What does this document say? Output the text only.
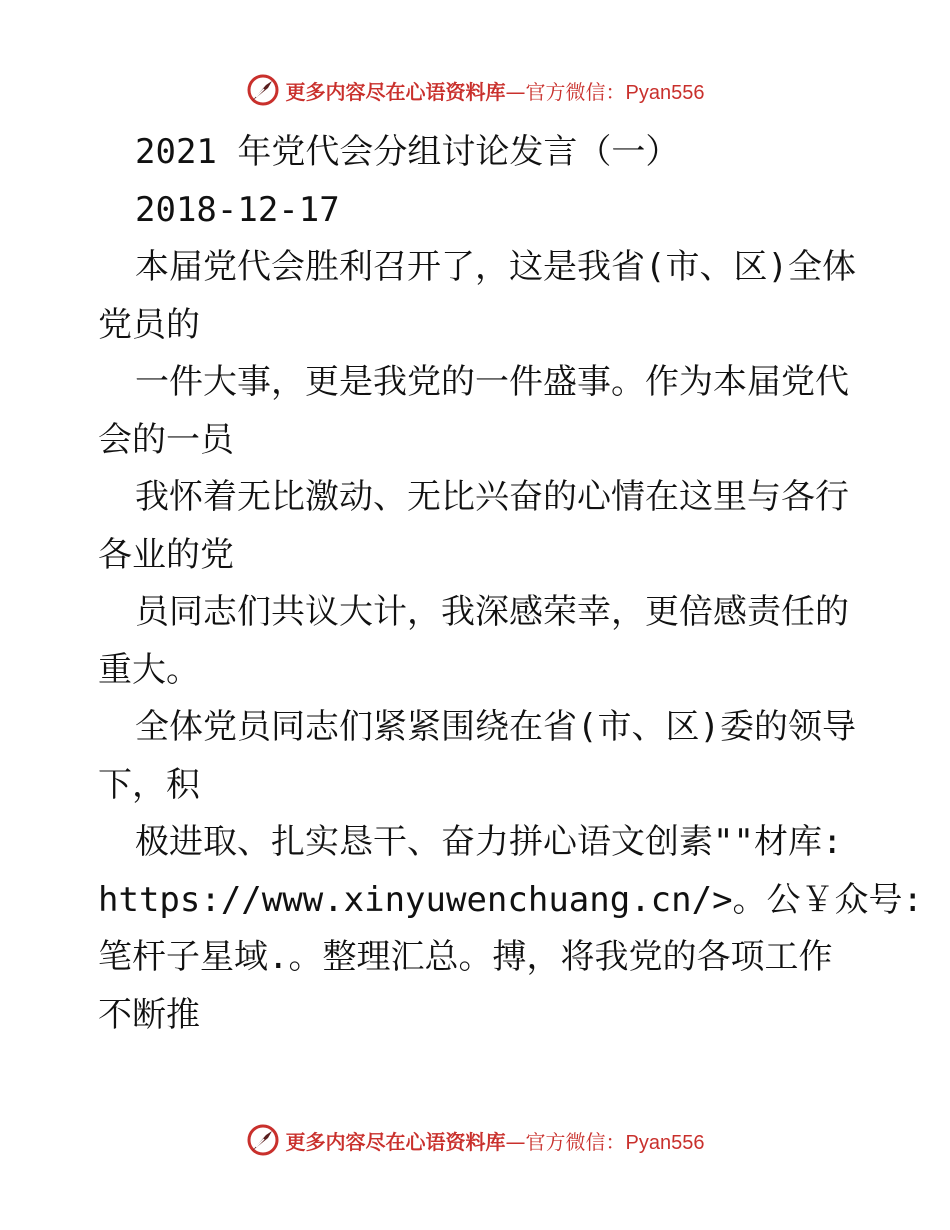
更多内容尽在心语资料库—官方微信：Pyan556
2021 年党代会分组讨论发言（一）
2018-12-17
本届党代会胜利召开了，这是我省(市、区)全体
党员的
一件大事，更是我党的一件盛事。作为本届党代
会的一员
我怀着无比激动、无比兴奋的心情在这里与各行
各业的党
员同志们共议大计，我深感荣幸，更倍感责任的
重大。
全体党员同志们紧紧围绕在省(市、区)委的领导
下，积
极进取、扎实恳干、奋力拼心语文创素""材库:
https://www.xinyuwenchuang.cn/>。公￥众号:
笔杆子星域.。整理汇总。搏，将我党的各项工作
不断推
更多内容尽在心语资料库—官方微信：Pyan556
